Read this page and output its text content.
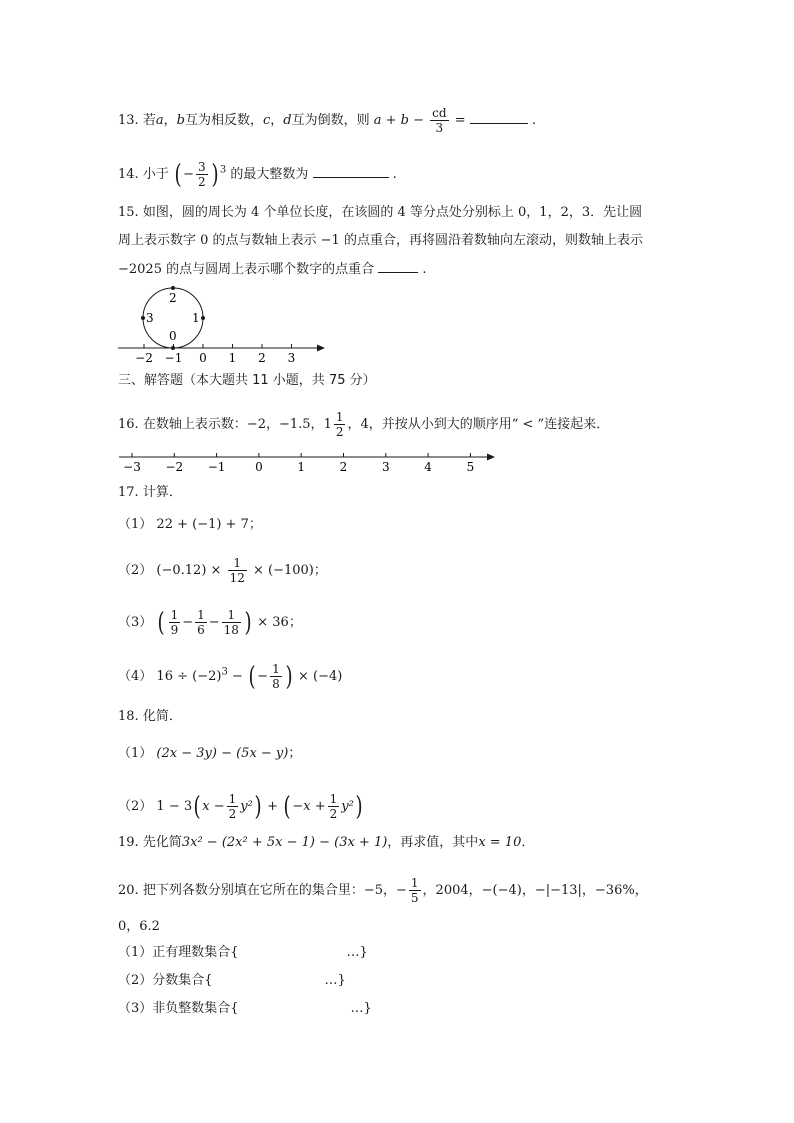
13. 若a，b互为相反数，c，d互为倒数，则 $a + b - \frac{cd}{3}$ =	.
14. 小于 ( − $\frac{3}{2}$ ) $^3$ 的最大整数为	.
15. 如图，圆的周长为 4 个单位长度，在该圆的 4 等分点处分别标上 0，1，2，3．先让圆
周上表示数字 0 的点与数轴上表示 −1 的点重合，再将圆沿着数轴向左滚动，则数轴上表示
−2025 的点与圆周上表示哪个数字的点重合	.
2
3	1
0
−2 −1 0 1 2 3
三、解答题（本大题共 11 小题，共 75 分）
16. 在数轴上表示数：−2，−1.5，$1 \frac{1}{2}$ ，4，并按从小到大的顺序用“ < ”连接起来．
−3 −2 −1 0	1	2	3	4	5
17. 计算．
（1） 22 + (−1) + 7；
（2） $(-0.12) \times \frac{1}{12} \times (-100)$；
（3） ( $\frac{1}{9} - \frac{1}{6} - \frac{1}{18}$ ) × 36；
（4） $16 \div (-2)^3$ − ( − $\frac{1}{8}$ ) × (−4)
18. 化简．
（1） (2x − 3y) − (5x − y)；
（2） 1 − 3( $x - \frac{1}{2} y^2$) + ( $-x + \frac{1}{2} y^2$)
19. 先化简3x² − (2x² + 5x − 1) − (3x + 1)，再求值，其中x = 10．
20. 把下列各数分别填在它所在的集合里：−5，− $\frac{1}{5}$ ，2004，−(−4)，−|−13|，−36%，
0，6.2
（1）正有理数集合{	…}
（2）分数集合{	…}
（3）非负整数集合{	…}
